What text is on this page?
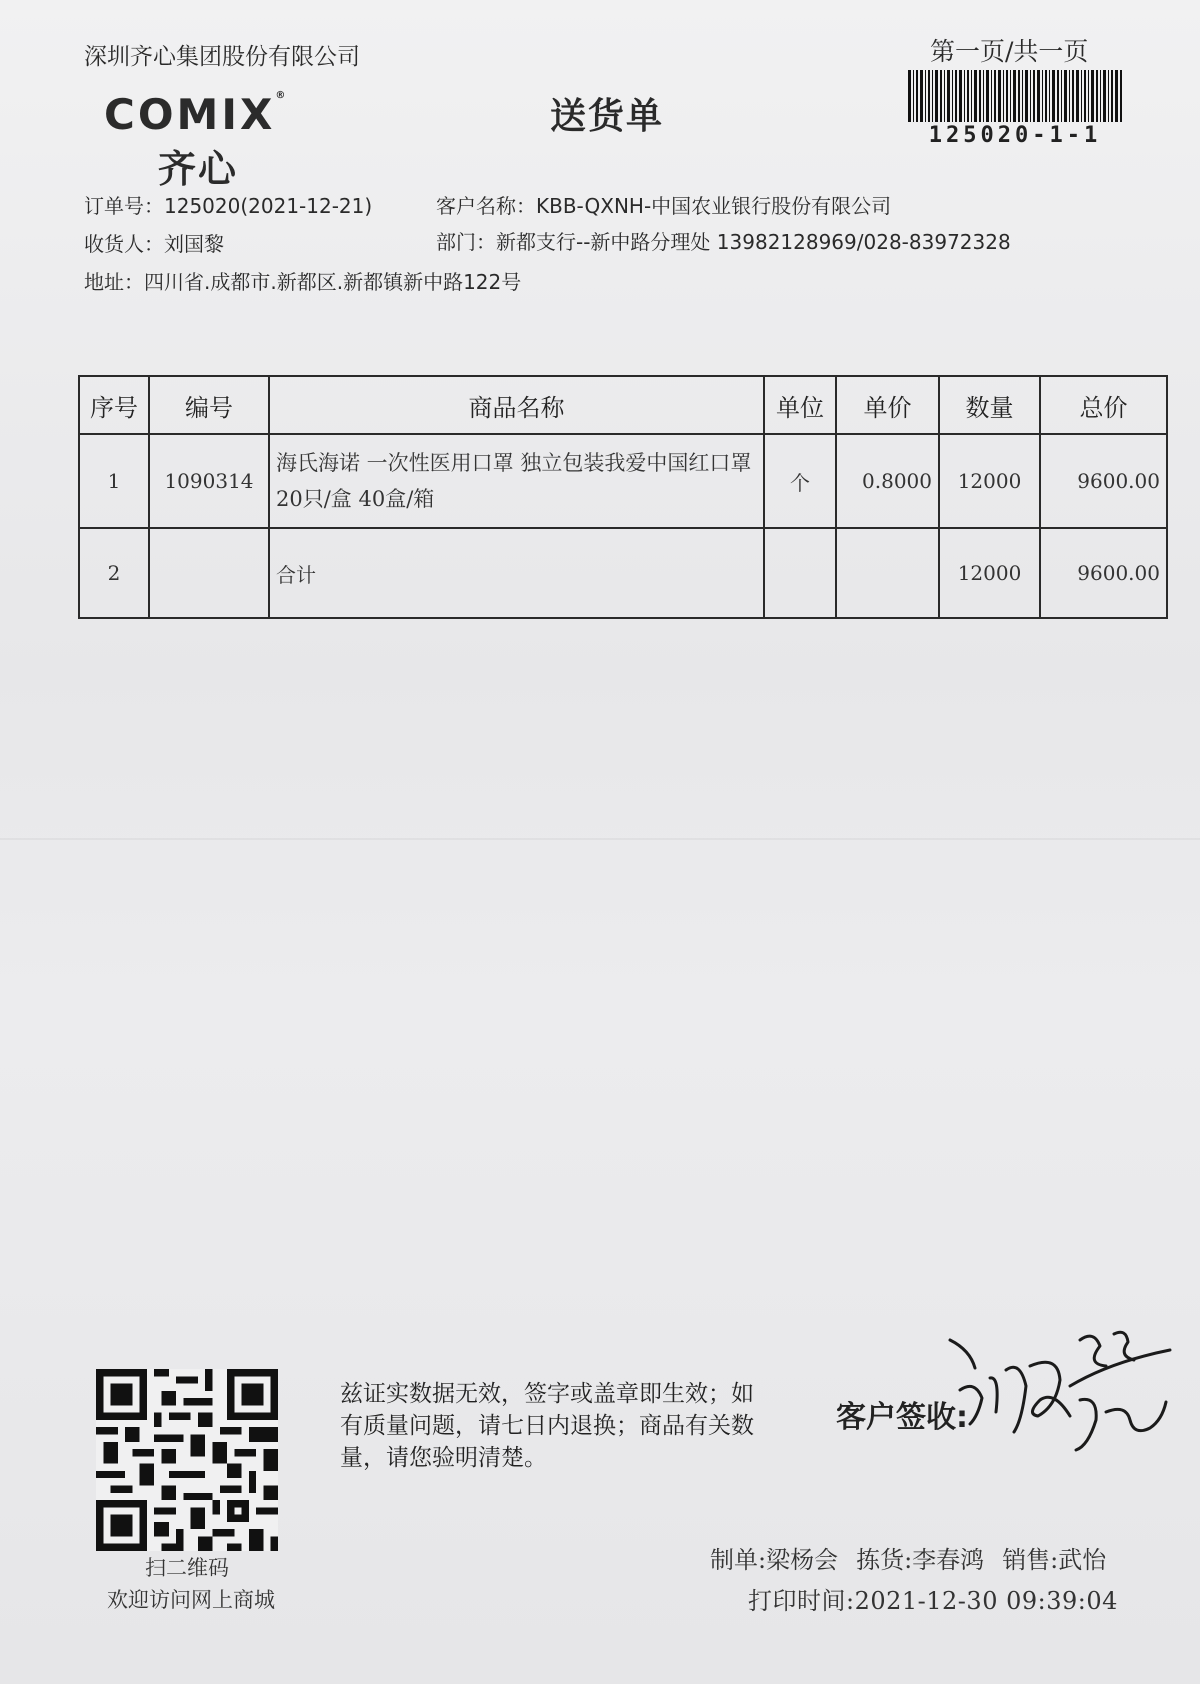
深圳齐心集团股份有限公司
COMIX®
齐心
送货单
第一页/共一页
125020-1-1
订单号：125020(2021-12-21)	客户名称：KBB-QXNH-中国农业银行股份有限公司
收货人：刘国黎	部门：新都支行--新中路分理处 13982128969/028-83972328
地址：四川省.成都市.新都区.新都镇新中路122号
序号	编号	商品名称	单位	单价	数量	总价
1	1090314	海氏海诺 一次性医用口罩 独立包装我爱中国红口罩 20只/盒 40盒/箱	个	0.8000	12000	9600.00
2		合计			12000	9600.00
扫二维码
欢迎访问网上商城
兹证实数据无效，签字或盖章即生效；如有质量问题，请七日内退换；商品有关数量，请您验明清楚。
客户签收:
制单:梁杨会 拣货:李春鸿 销售:武怡
打印时间:2021-12-30 09:39:04
